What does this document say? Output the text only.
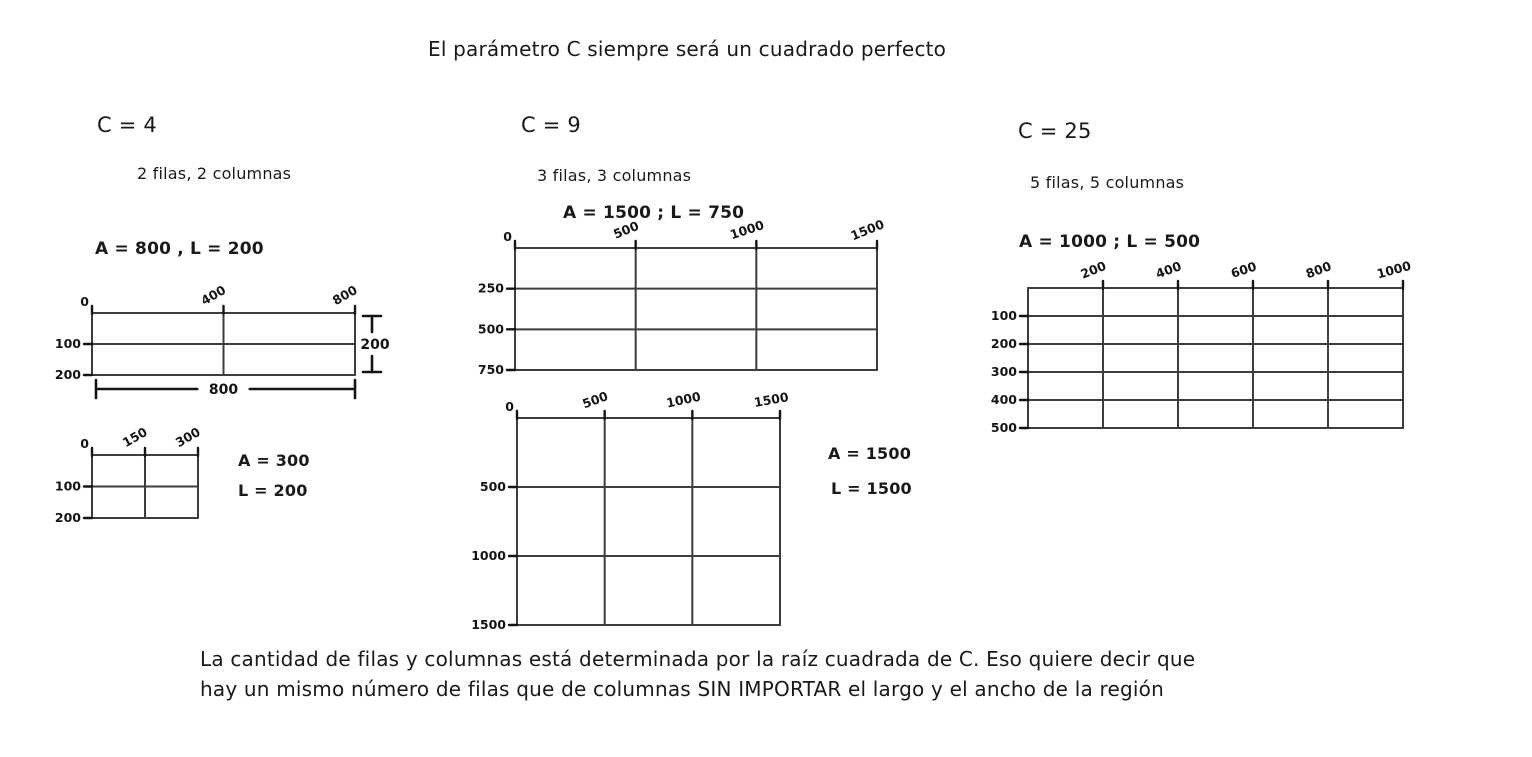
El parámetro C siempre será un cuadrado perfecto
C = 4
2 filas, 2 columnas
A = 800 , L = 200
A = 300
L = 200
C = 9
3 filas, 3 columnas
A = 1500 ; L = 750
A = 1500
L = 1500
C = 25
5 filas, 5 columnas
A = 1000 ; L = 500
La cantidad de filas y columnas está determinada por la raíz cuadrada de C. Eso quiere decir que
hay un mismo número de filas que de columnas SIN IMPORTAR el largo y el ancho de la región
0	400	800
100
200
200
800
0 150 300
100
200
0	500	1000	1500
250
500
750
0	500	1000	1500
500
1000
1500
200	400	600	800	1000
100
200
300
400
500
